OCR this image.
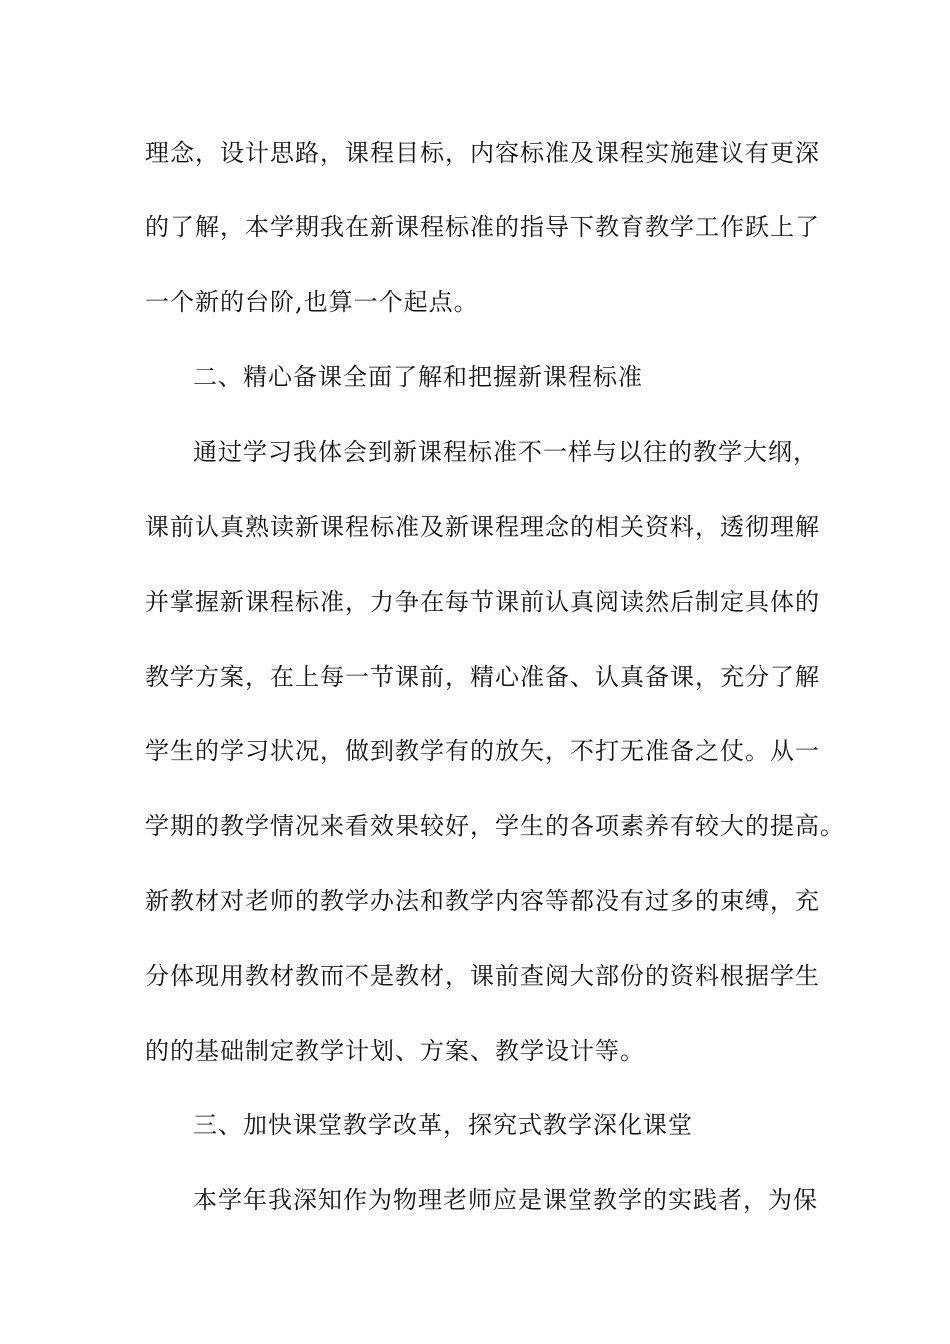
理念，设计思路，课程目标，内容标准及课程实施建议有更深
的了解，本学期我在新课程标准的指导下教育教学工作跃上了
一个新的台阶,也算一个起点。
二、精心备课全面了解和把握新课程标准
通过学习我体会到新课程标准不一样与以往的教学大纲，
课前认真熟读新课程标准及新课程理念的相关资料，透彻理解
并掌握新课程标准，力争在每节课前认真阅读然后制定具体的
教学方案，在上每一节课前，精心准备、认真备课，充分了解
学生的学习状况，做到教学有的放矢，不打无准备之仗。从一
学期的教学情况来看效果较好，学生的各项素养有较大的提高。
新教材对老师的教学办法和教学内容等都没有过多的束缚，充
分体现用教材教而不是教材，课前查阅大部份的资料根据学生
的的基础制定教学计划、方案、教学设计等。
三、加快课堂教学改革，探究式教学深化课堂
本学年我深知作为物理老师应是课堂教学的实践者，为保
